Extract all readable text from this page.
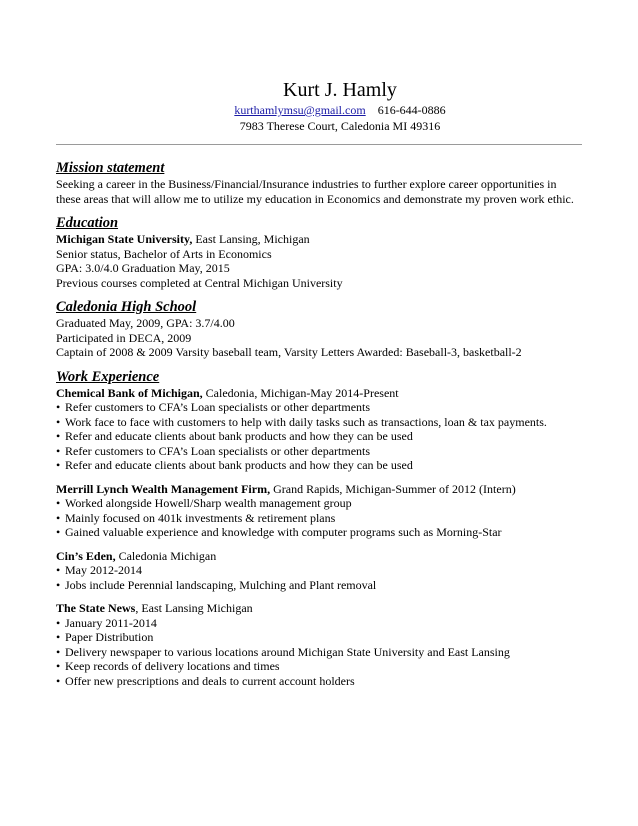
Kurt J. Hamly
kurthamlymsu@gmail.com 616-644-0886
7983 Therese Court, Caledonia MI 49316
Mission statement
Seeking a career in the Business/Financial/Insurance industries to further explore career opportunities in
these areas that will allow me to utilize my education in Economics and demonstrate my proven work ethic.
Education
Michigan State University, East Lansing, Michigan
Senior status, Bachelor of Arts in Economics
GPA: 3.0/4.0 Graduation May, 2015
Previous courses completed at Central Michigan University
Caledonia High School
Graduated May, 2009, GPA: 3.7/4.00
Participated in DECA, 2009
Captain of 2008 & 2009 Varsity baseball team, Varsity Letters Awarded: Baseball-3, basketball-2
Work Experience
Chemical Bank of Michigan, Caledonia, Michigan-May 2014-Present
• Refer customers to CFA’s Loan specialists or other departments
• Work face to face with customers to help with daily tasks such as transactions, loan & tax payments.
• Refer and educate clients about bank products and how they can be used
• Refer customers to CFA’s Loan specialists or other departments
• Refer and educate clients about bank products and how they can be used
Merrill Lynch Wealth Management Firm, Grand Rapids, Michigan-Summer of 2012 (Intern)
• Worked alongside Howell/Sharp wealth management group
• Mainly focused on 401k investments & retirement plans
• Gained valuable experience and knowledge with computer programs such as Morning-Star
Cin’s Eden, Caledonia Michigan
• May 2012-2014
• Jobs include Perennial landscaping, Mulching and Plant removal
The State News, East Lansing Michigan
• January 2011-2014
• Paper Distribution
• Delivery newspaper to various locations around Michigan State University and East Lansing
• Keep records of delivery locations and times
• Offer new prescriptions and deals to current account holders
